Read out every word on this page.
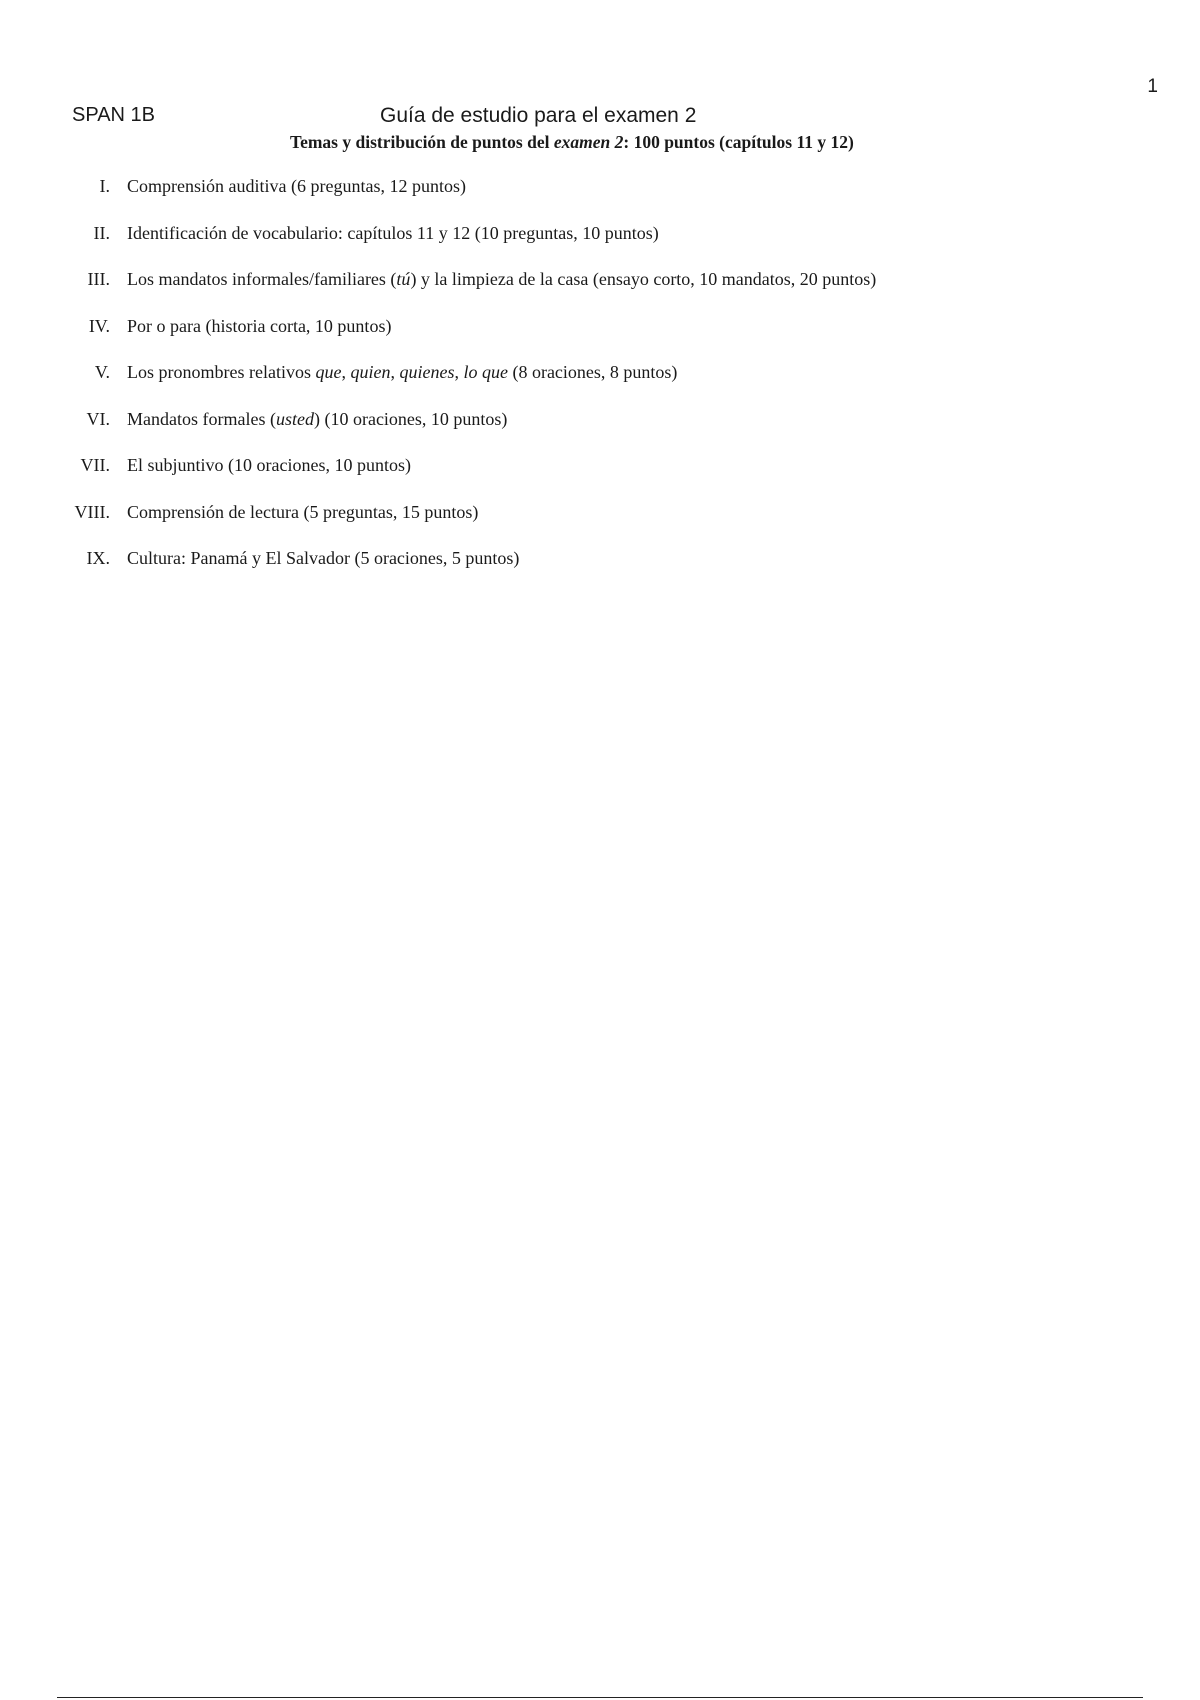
1
SPAN 1B	Guía de estudio para el examen 2
Temas y distribución de puntos del examen 2: 100 puntos (capítulos 11 y 12)
I. Comprensión auditiva (6 preguntas, 12 puntos)
II. Identificación de vocabulario: capítulos 11 y 12 (10 preguntas, 10 puntos)
III. Los mandatos informales/familiares (tú) y la limpieza de la casa (ensayo corto, 10 mandatos, 20 puntos)
IV. Por o para (historia corta, 10 puntos)
V. Los pronombres relativos que, quien, quienes, lo que (8 oraciones, 8 puntos)
VI. Mandatos formales (usted) (10 oraciones, 10 puntos)
VII. El subjuntivo (10 oraciones, 10 puntos)
VIII. Comprensión de lectura (5 preguntas, 15 puntos)
IX. Cultura: Panamá y El Salvador (5 oraciones, 5 puntos)
